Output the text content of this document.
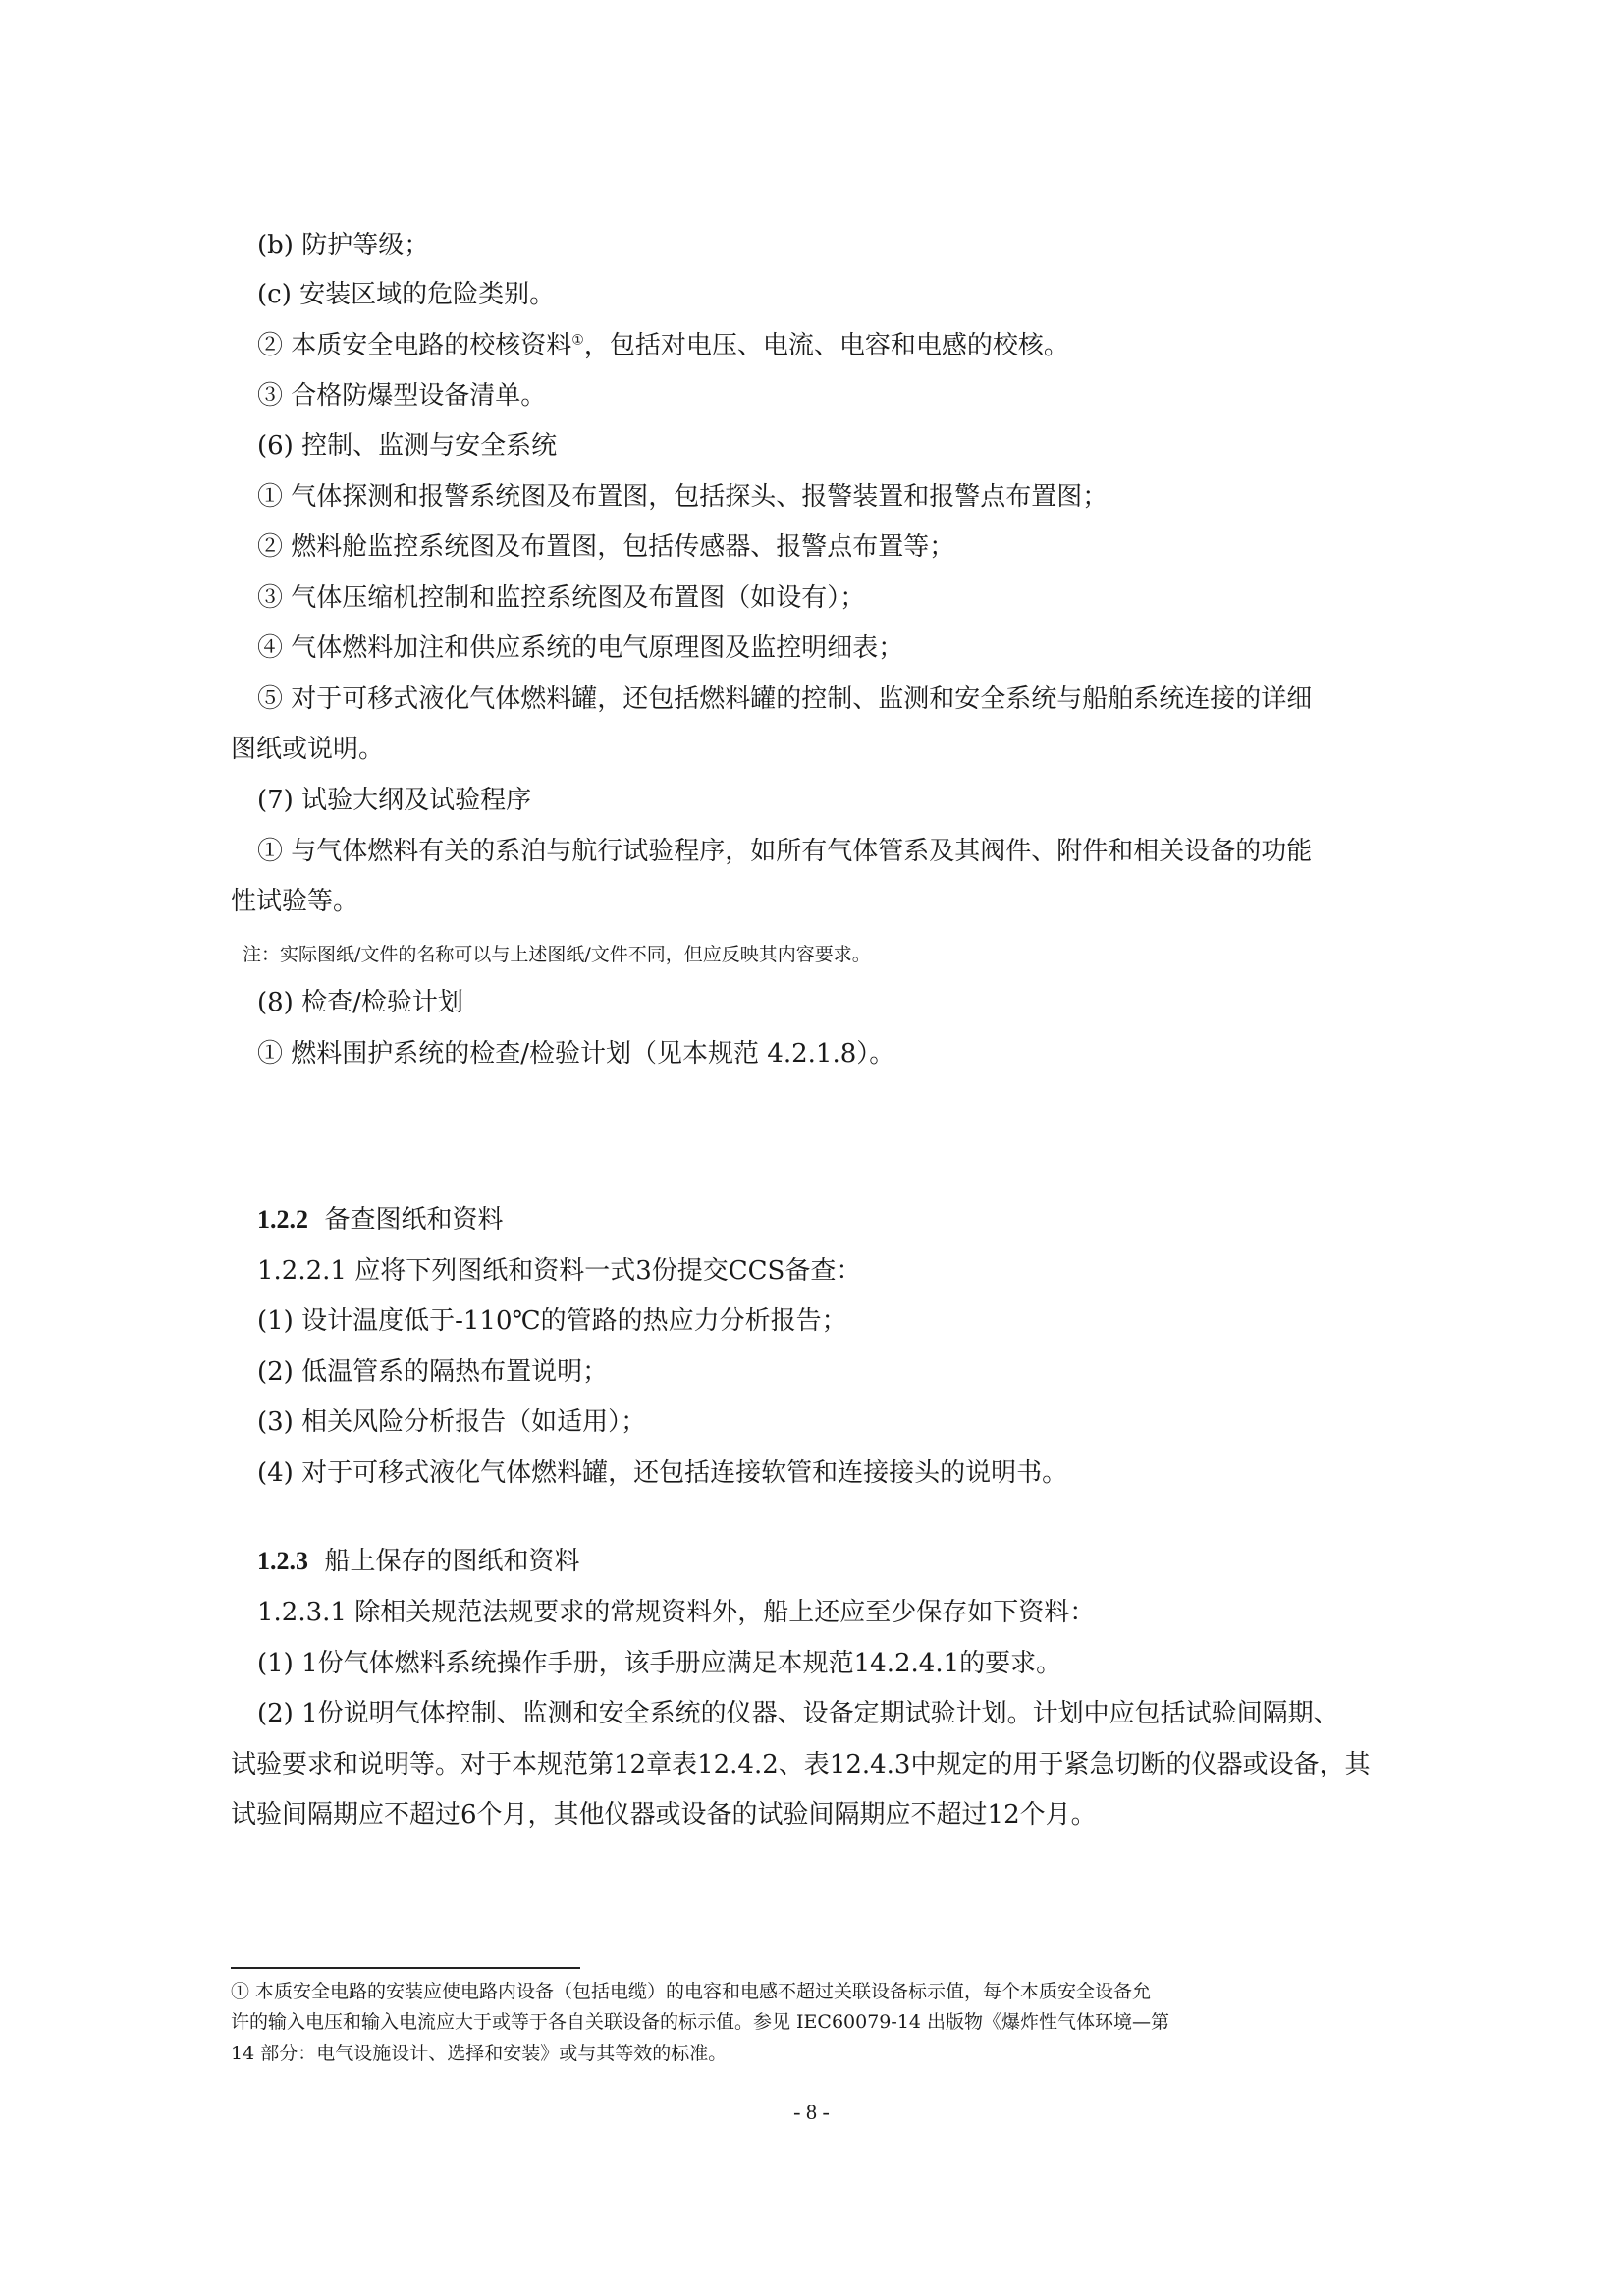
(b) 防护等级；
(c) 安装区域的危险类别。
② 本质安全电路的校核资料①，包括对电压、电流、电容和电感的校核。
③ 合格防爆型设备清单。
(6) 控制、监测与安全系统
① 气体探测和报警系统图及布置图，包括探头、报警装置和报警点布置图；
② 燃料舱监控系统图及布置图，包括传感器、报警点布置等；
③ 气体压缩机控制和监控系统图及布置图（如设有）；
④ 气体燃料加注和供应系统的电气原理图及监控明细表；
⑤ 对于可移式液化气体燃料罐，还包括燃料罐的控制、监测和安全系统与船舶系统连接的详细
图纸或说明。
(7) 试验大纲及试验程序
① 与气体燃料有关的系泊与航行试验程序，如所有气体管系及其阀件、附件和相关设备的功能
性试验等。
注：实际图纸/文件的名称可以与上述图纸/文件不同，但应反映其内容要求。
(8) 检查/检验计划
① 燃料围护系统的检查/检验计划（见本规范 4.2.1.8）。
1.2.2 备查图纸和资料
1.2.2.1 应将下列图纸和资料一式3份提交CCS备查：
(1) 设计温度低于-110℃的管路的热应力分析报告；
(2) 低温管系的隔热布置说明；
(3) 相关风险分析报告（如适用）；
(4) 对于可移式液化气体燃料罐，还包括连接软管和连接接头的说明书。
1.2.3 船上保存的图纸和资料
1.2.3.1 除相关规范法规要求的常规资料外，船上还应至少保存如下资料：
(1) 1份气体燃料系统操作手册，该手册应满足本规范14.2.4.1的要求。
(2) 1份说明气体控制、监测和安全系统的仪器、设备定期试验计划。计划中应包括试验间隔期、
试验要求和说明等。对于本规范第12章表12.4.2、表12.4.3中规定的用于紧急切断的仪器或设备，其
试验间隔期应不超过6个月，其他仪器或设备的试验间隔期应不超过12个月。
① 本质安全电路的安装应使电路内设备（包括电缆）的电容和电感不超过关联设备标示值，每个本质安全设备允
许的输入电压和输入电流应大于或等于各自关联设备的标示值。参见 IEC60079-14 出版物《爆炸性气体环境—第
14 部分：电气设施设计、选择和安装》或与其等效的标准。
- 8 -
